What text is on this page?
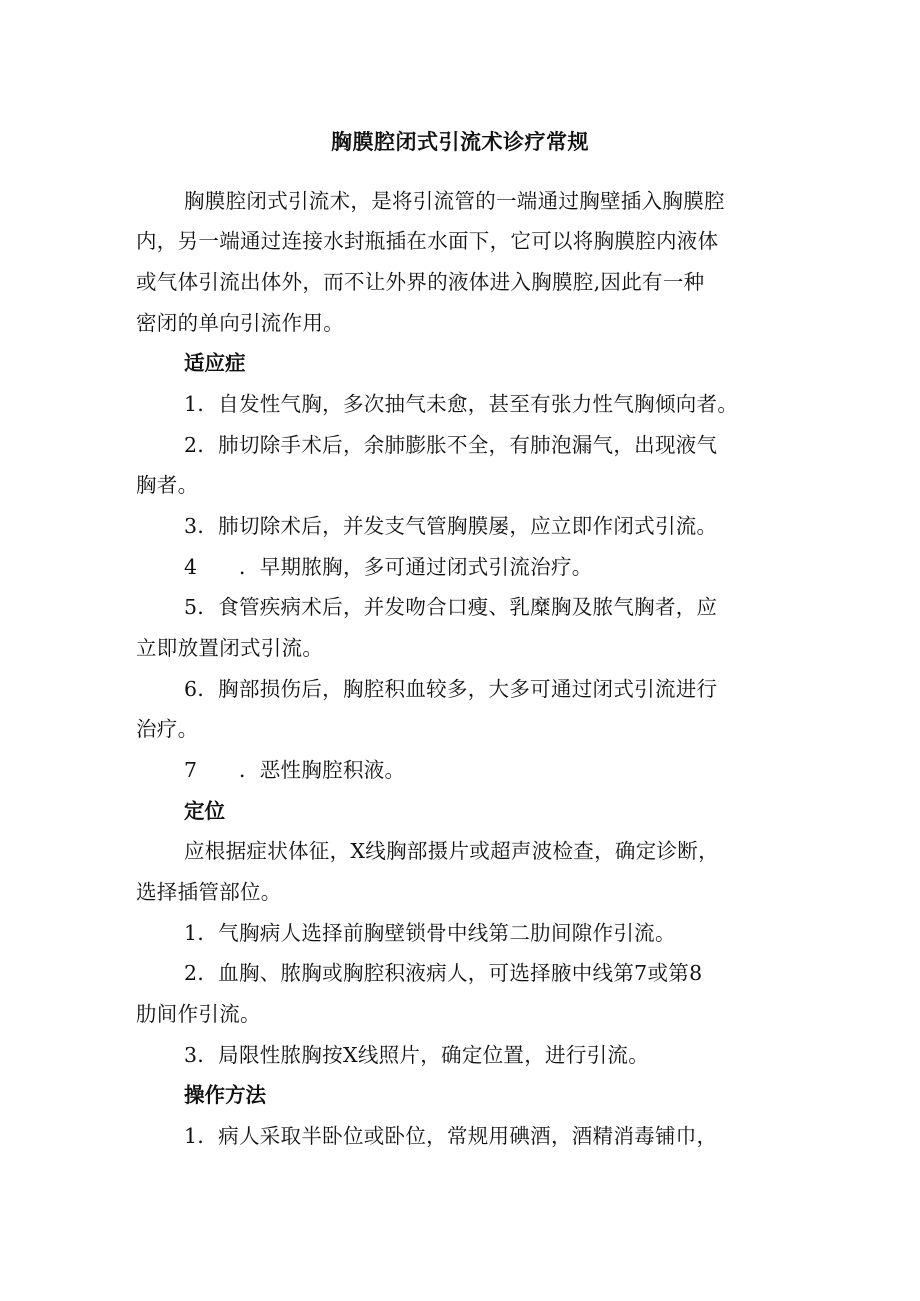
胸膜腔闭式引流术诊疗常规
胸膜腔闭式引流术，是将引流管的一端通过胸壁插入胸膜腔
内，另一端通过连接水封瓶插在水面下，它可以将胸膜腔内液体
或气体引流出体外，而不让外界的液体进入胸膜腔,因此有一种
密闭的单向引流作用。
适应症
1．自发性气胸，多次抽气未愈，甚至有张力性气胸倾向者。
2．肺切除手术后，余肺膨胀不全，有肺泡漏气，出现液气
胸者。
3．肺切除术后，并发支气管胸膜屡，应立即作闭式引流。
4　　．早期脓胸，多可通过闭式引流治疗。
5．食管疾病术后，并发吻合口瘦、乳糜胸及脓气胸者，应
立即放置闭式引流。
6．胸部损伤后，胸腔积血较多，大多可通过闭式引流进行
治疗。
7　　．恶性胸腔积液。
定位
应根据症状体征，X线胸部摄片或超声波检查，确定诊断，
选择插管部位。
1．气胸病人选择前胸壁锁骨中线第二肋间隙作引流。
2．血胸、脓胸或胸腔积液病人，可选择腋中线第7或第8
肋间作引流。
3．局限性脓胸按X线照片，确定位置，进行引流。
操作方法
1．病人采取半卧位或卧位，常规用碘酒，酒精消毒铺巾，
